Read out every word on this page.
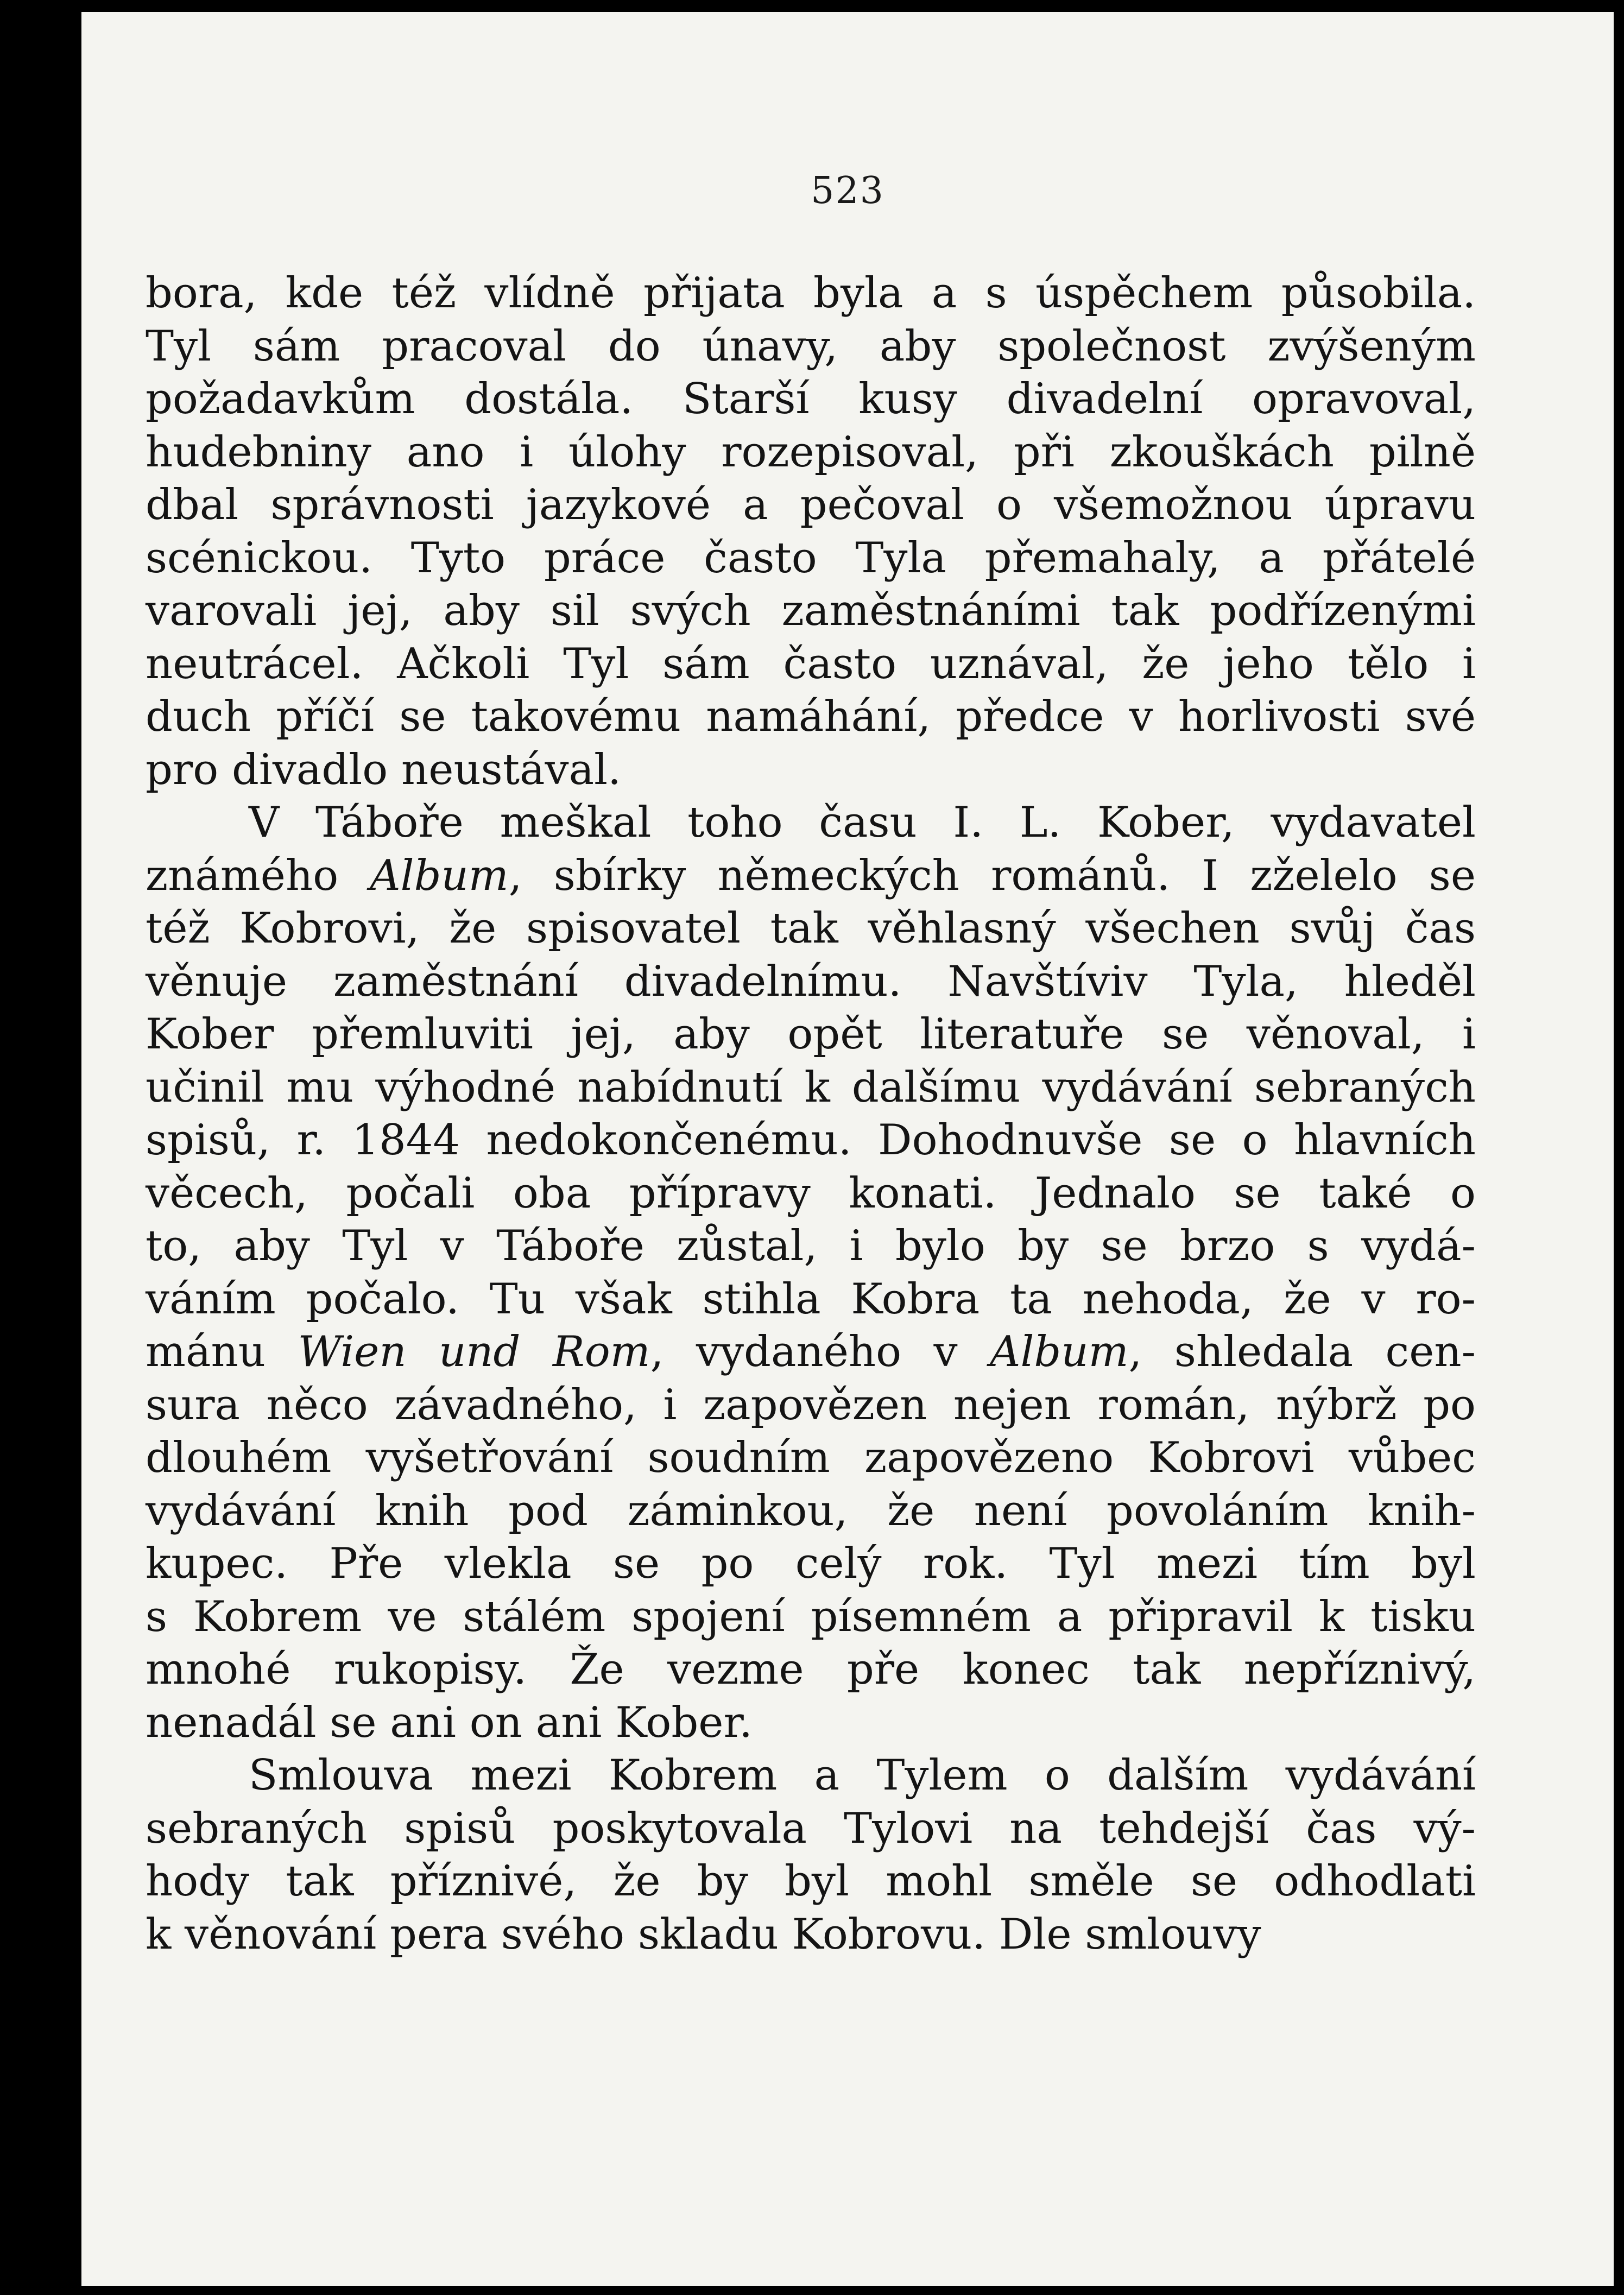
523
bora, kde též vlídně přijata byla a s úspěchem působila.
Tyl sám pracoval do únavy, aby společnost zvýšeným
požadavkům dostála. Starší kusy divadelní opravoval,
hudebniny ano i úlohy rozepisoval, při zkouškách pilně
dbal správnosti jazykové a pečoval o všemožnou úpravu
scénickou. Tyto práce často Tyla přemahaly, a přátelé
varovali jej, aby sil svých zaměstnáními tak podřízenými
neutrácel. Ačkoli Tyl sám často uznával, že jeho tělo i
duch příčí se takovému namáhání, předce v horlivosti své
pro divadlo neustával.
V Táboře meškal toho času I. L. Kober, vydavatel
známého Album, sbírky německých románů. I zželelo se
též Kobrovi, že spisovatel tak věhlasný všechen svůj čas
věnuje zaměstnání divadelnímu. Navštíviv Tyla, hleděl
Kober přemluviti jej, aby opět literatuře se věnoval, i
učinil mu výhodné nabídnutí k dalšímu vydávání sebraných
spisů, r. 1844 nedokončenému. Dohodnuvše se o hlavních
věcech, počali oba přípravy konati. Jednalo se také o
to, aby Tyl v Táboře zůstal, i bylo by se brzo s vydá-
váním počalo. Tu však stihla Kobra ta nehoda, že v ro-
mánu Wien und Rom, vydaného v Album, shledala cen-
sura něco závadného, i zapovězen nejen román, nýbrž po
dlouhém vyšetřování soudním zapovězeno Kobrovi vůbec
vydávání knih pod záminkou, že není povoláním knih-
kupec. Pře vlekla se po celý rok. Tyl mezi tím byl
s Kobrem ve stálém spojení písemném a připravil k tisku
mnohé rukopisy. Že vezme pře konec tak nepříznivý,
nenadál se ani on ani Kober.
Smlouva mezi Kobrem a Tylem o dalším vydávání
sebraných spisů poskytovala Tylovi na tehdejší čas vý-
hody tak příznivé, že by byl mohl směle se odhodlati
k věnování pera svého skladu Kobrovu. Dle smlouvy
